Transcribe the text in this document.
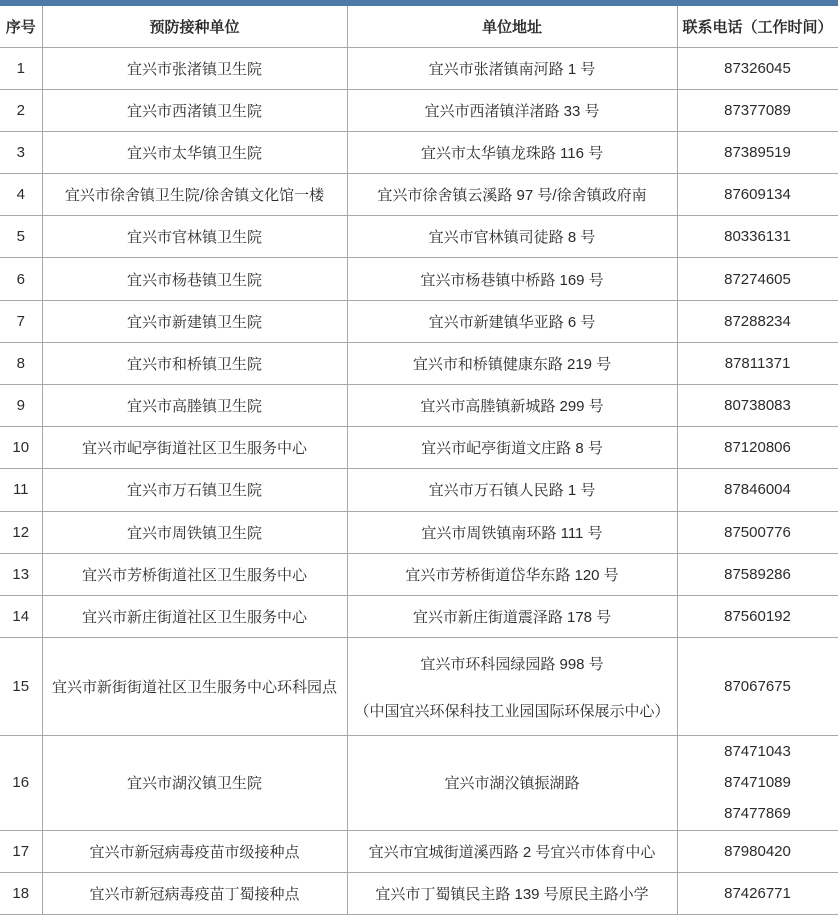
序号	预防接种单位	单位地址	联系电话（工作时间）
1	宜兴市张渚镇卫生院	宜兴市张渚镇南河路 1 号	87326045

2	宜兴市西渚镇卫生院	宜兴市西渚镇洋渚路 33 号	87377089

3	宜兴市太华镇卫生院	宜兴市太华镇龙珠路 116 号	87389519

4	宜兴市徐舍镇卫生院/徐舍镇文化馆一楼	宜兴市徐舍镇云溪路 97 号/徐舍镇政府南	87609134

5	宜兴市官林镇卫生院	宜兴市官林镇司徒路 8 号	80336131

6	宜兴市杨巷镇卫生院	宜兴市杨巷镇中桥路 169 号	87274605

7	宜兴市新建镇卫生院	宜兴市新建镇华亚路 6 号	87288234

8	宜兴市和桥镇卫生院	宜兴市和桥镇健康东路 219 号	87811371

9	宜兴市高塍镇卫生院	宜兴市高塍镇新城路 299 号	80738083

10	宜兴市屺亭街道社区卫生服务中心	宜兴市屺亭街道文庄路 8 号	87120806

11	宜兴市万石镇卫生院	宜兴市万石镇人民路 1 号	87846004

12	宜兴市周铁镇卫生院	宜兴市周铁镇南环路 111 号	87500776

13	宜兴市芳桥街道社区卫生服务中心	宜兴市芳桥街道岱华东路 120 号	87589286

14	宜兴市新庄街道社区卫生服务中心	宜兴市新庄街道震泽路 178 号	87560192

15	宜兴市新街街道社区卫生服务中心环科园点	宜兴市环科园绿园路 998 号
（中国宜兴环保科技工业园国际环保展示中心）	87067675

16	宜兴市湖㳇镇卫生院	宜兴市湖㳇镇振湖路	87471043
87471089
87477869

17	宜兴市新冠病毒疫苗市级接种点	宜兴市宜城街道溪西路 2 号宜兴市体育中心	87980420

18	宜兴市新冠病毒疫苗丁蜀接种点	宜兴市丁蜀镇民主路 139 号原民主路小学	87426771
